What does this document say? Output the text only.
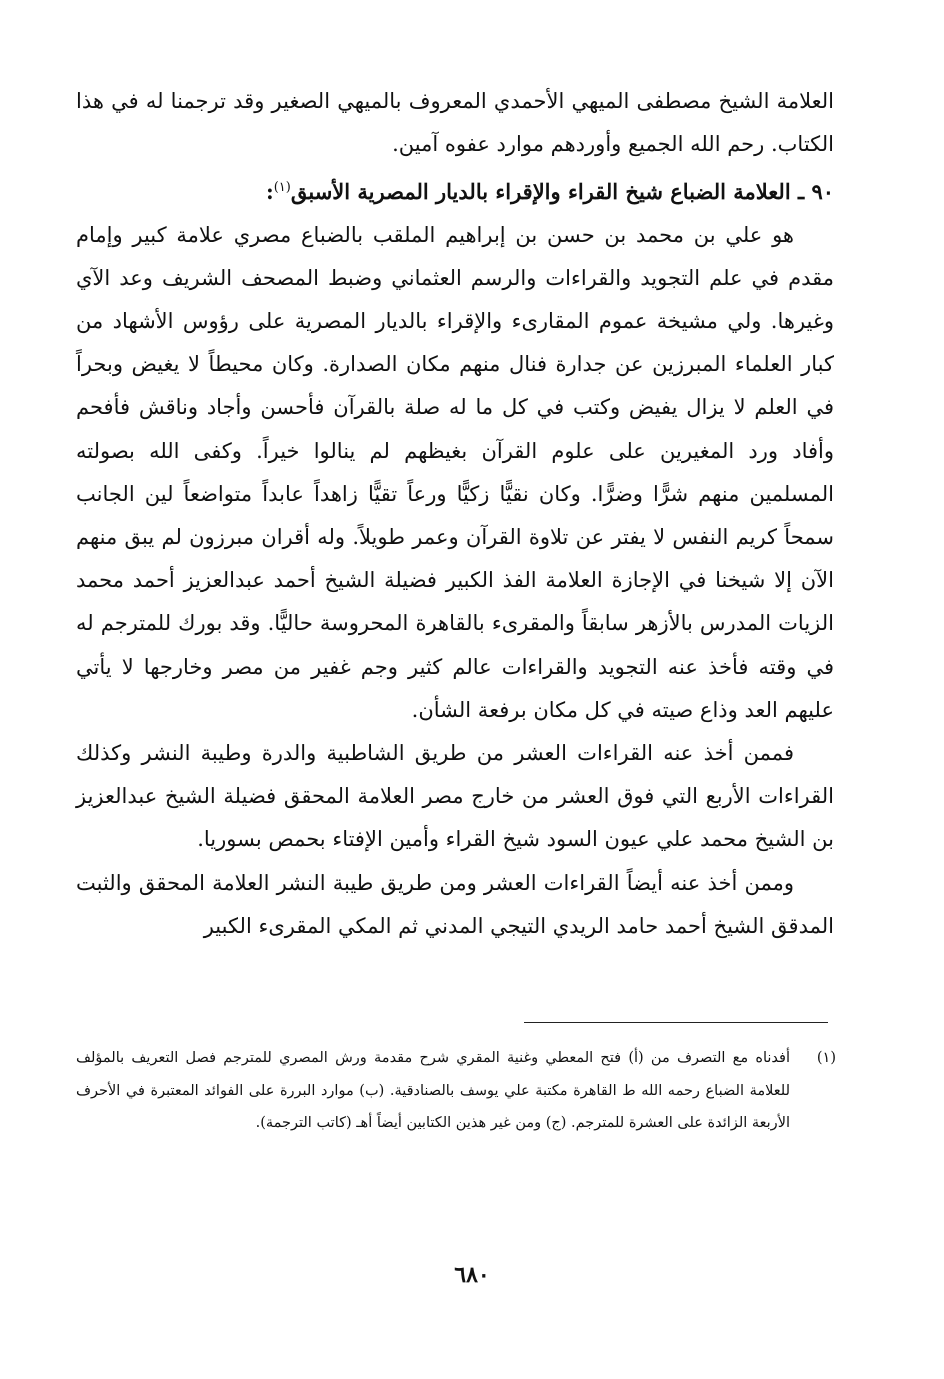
العلامة الشيخ مصطفى الميهي الأحمدي المعروف بالميهي الصغير وقد ترجمنا له في هذا الكتاب. رحم الله الجميع وأوردهم موارد عفوه آمين.

٩٠ ـ العلامة الضباع شيخ القراء والإقراء بالديار المصرية الأسبق$^{(١)}$:

هو علي بن محمد بن حسن بن إبراهيم الملقب بالضباع مصري علامة كبير وإمام مقدم في علم التجويد والقراءات والرسم العثماني وضبط المصحف الشريف وعد الآي وغيرها. ولي مشيخة عموم المقارىء والإقراء بالديار المصرية على رؤوس الأشهاد من كبار العلماء المبرزين عن جدارة فنال منهم مكان الصدارة. وكان محيطاً لا يغيض وبحراً في العلم لا يزال يفيض وكتب في كل ما له صلة بالقرآن فأحسن وأجاد وناقش فأفحم وأفاد ورد المغيرين على علوم القرآن بغيظهم لم ينالوا خيراً. وكفى الله بصولته المسلمين منهم شرًّا وضرًّا. وكان نقيًّا زكيًّا ورعاً تقيًّا زاهداً عابداً متواضعاً لين الجانب سمحاً كريم النفس لا يفتر عن تلاوة القرآن وعمر طويلاً. وله أقران مبرزون لم يبق منهم الآن إلا شيخنا في الإجازة العلامة الفذ الكبير فضيلة الشيخ أحمد عبدالعزيز أحمد محمد الزيات المدرس بالأزهر سابقاً والمقرىء بالقاهرة المحروسة حاليًّا. وقد بورك للمترجم له في وقته فأخذ عنه التجويد والقراءات عالم كثير وجم غفير من مصر وخارجها لا يأتي عليهم العد وذاع صيته في كل مكان برفعة الشأن.

فممن أخذ عنه القراءات العشر من طريق الشاطبية والدرة وطيبة النشر وكذلك القراءات الأربع التي فوق العشر من خارج مصر العلامة المحقق فضيلة الشيخ عبدالعزيز بن الشيخ محمد علي عيون السود شيخ القراء وأمين الإفتاء بحمص بسوريا.

وممن أخذ عنه أيضاً القراءات العشر ومن طريق طيبة النشر العلامة المحقق والثبت المدقق الشيخ أحمد حامد الريدي التيجي المدني ثم المكي المقرىء الكبير

(١)
أفدناه مع التصرف من (أ) فتح المعطي وغنية المقري شرح مقدمة ورش المصري للمترجم فصل التعريف بالمؤلف للعلامة الضباع رحمه الله ط القاهرة مكتبة علي يوسف بالصنادقية. (ب) موارد البررة على الفوائد المعتبرة في الأحرف الأربعة الزائدة على العشرة للمترجم. (ج) ومن غير هذين الكتابين أيضاً أهـ (كاتب الترجمة).
٦٨٠
